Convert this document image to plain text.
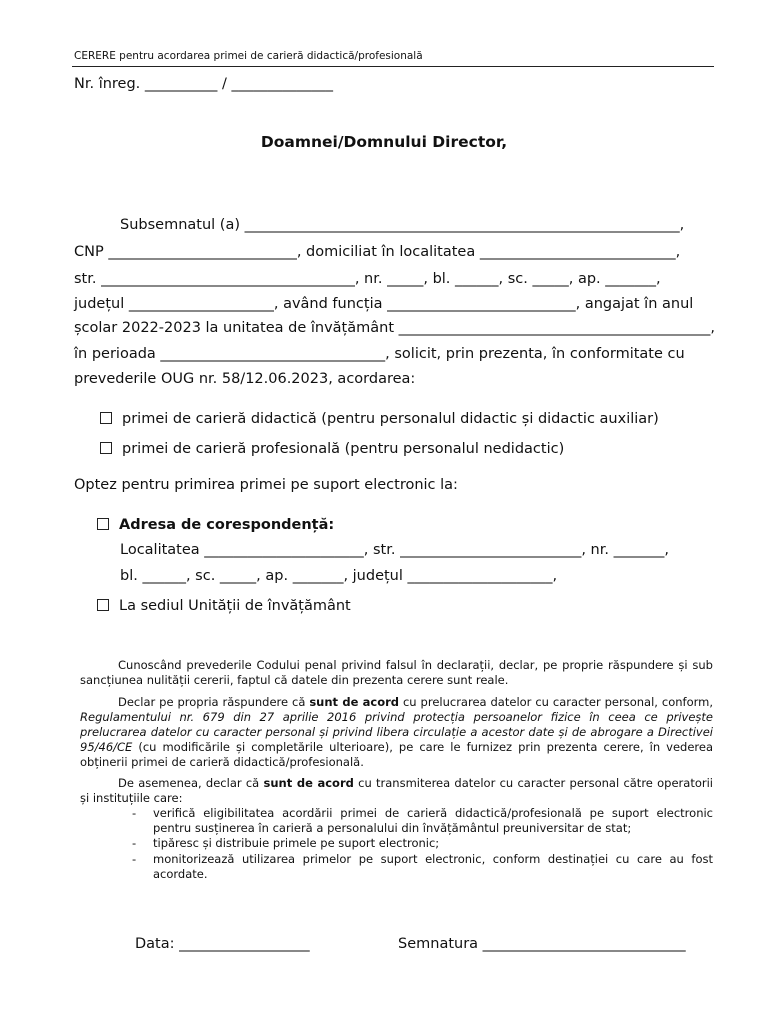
CERERE pentru acordarea primei de carieră didactică/profesională
Nr. înreg. __________ / ______________
Doamnei/Domnului Director,
Subsemnatul (a) ____________________________________________________________,
CNP __________________________, domiciliat în localitatea ___________________________,
str. ___________________________________, nr. _____, bl. ______, sc. _____, ap. _______,
județul ____________________, având funcția __________________________, angajat în anul
școlar 2022-2023 la unitatea de învățământ ___________________________________________,
în perioada _______________________________, solicit, prin prezenta, în conformitate cu
prevederile OUG nr. 58/12.06.2023, acordarea:
primei de carieră didactică (pentru personalul didactic și didactic auxiliar)
primei de carieră profesională (pentru personalul nedidactic)
Optez pentru primirea primei pe suport electronic la:
Adresa de corespondență:
Localitatea ______________________, str. _________________________, nr. _______,
bl. ______, sc. _____, ap. _______, județul ____________________,
La sediul Unității de învățământ

Cunoscând prevederile Codului penal privind falsul în declarații, declar, pe proprie răspundere și sub sancțiunea nulității cererii, faptul că datele din prezenta cerere sunt reale.

Declar pe propria răspundere că sunt de acord cu prelucrarea datelor cu caracter personal, conform, Regulamentului nr. 679 din 27 aprilie 2016 privind protecția persoanelor fizice în ceea ce privește prelucrarea datelor cu caracter personal și privind libera circulație a acestor date și de abrogare a Directivei 95/46/CE (cu modificările și completările ulterioare), pe care le furnizez prin prezenta cerere, în vederea obținerii primei de carieră didactică/profesională.

De asemenea, declar că sunt de acord cu transmiterea datelor cu caracter personal către operatorii și instituțiile care:

- verifică eligibilitatea acordării primei de carieră didactică/profesională pe suport electronic pentru susținerea în carieră a personalului din învățământul preuniversitar de stat;
- tipăresc și distribuie primele pe suport electronic;
- monitorizează utilizarea primelor pe suport electronic, conform destinației cu care au fost acordate.
Data: __________________	Semnatura ____________________________
